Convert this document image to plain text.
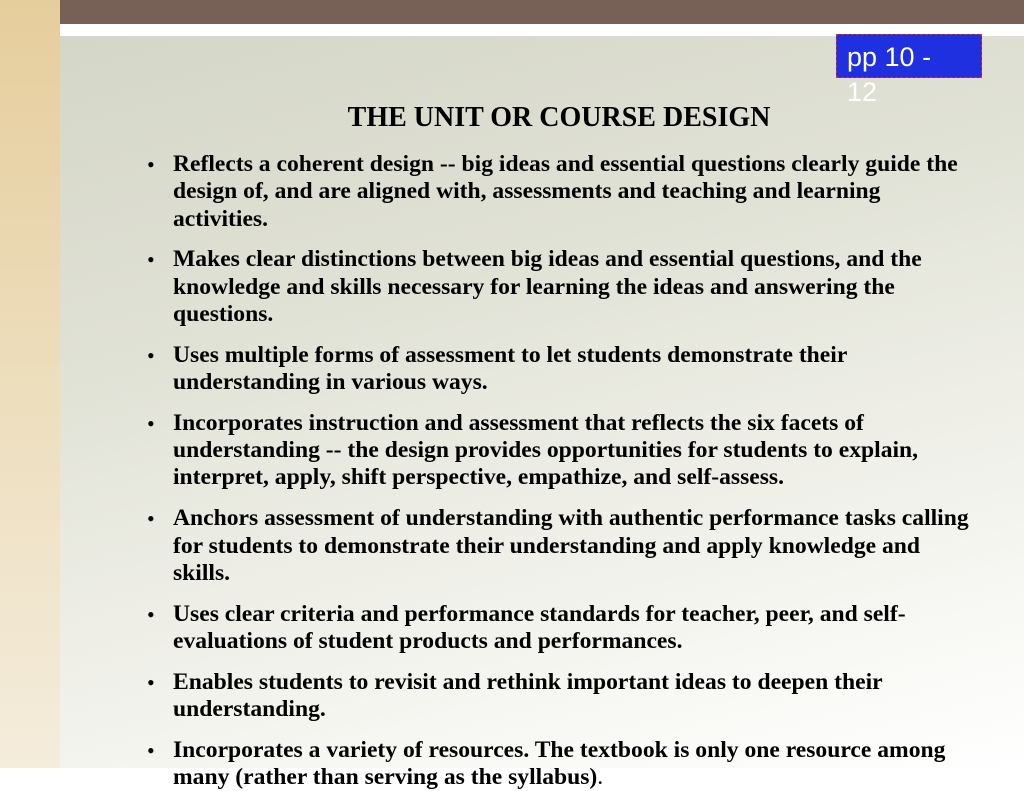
pp 10 - 12
THE UNIT OR COURSE DESIGN
• Reflects a coherent design -- big ideas and essential questions clearly guide the design of, and are aligned with, assessments and teaching and learning activities.
• Makes clear distinctions between big ideas and essential questions, and the knowledge and skills necessary for learning the ideas and answering the questions.
• Uses multiple forms of assessment to let students demonstrate their understanding in various ways.
• Incorporates instruction and assessment that reflects the six facets of understanding -- the design provides opportunities for students to explain, interpret, apply, shift perspective, empathize, and self-assess.
• Anchors assessment of understanding with authentic performance tasks calling for students to demonstrate their understanding and apply knowledge and skills.
• Uses clear criteria and performance standards for teacher, peer, and self-evaluations of student products and performances.
• Enables students to revisit and rethink important ideas to deepen their understanding.
• Incorporates a variety of resources. The textbook is only one resource among many (rather than serving as the syllabus).
